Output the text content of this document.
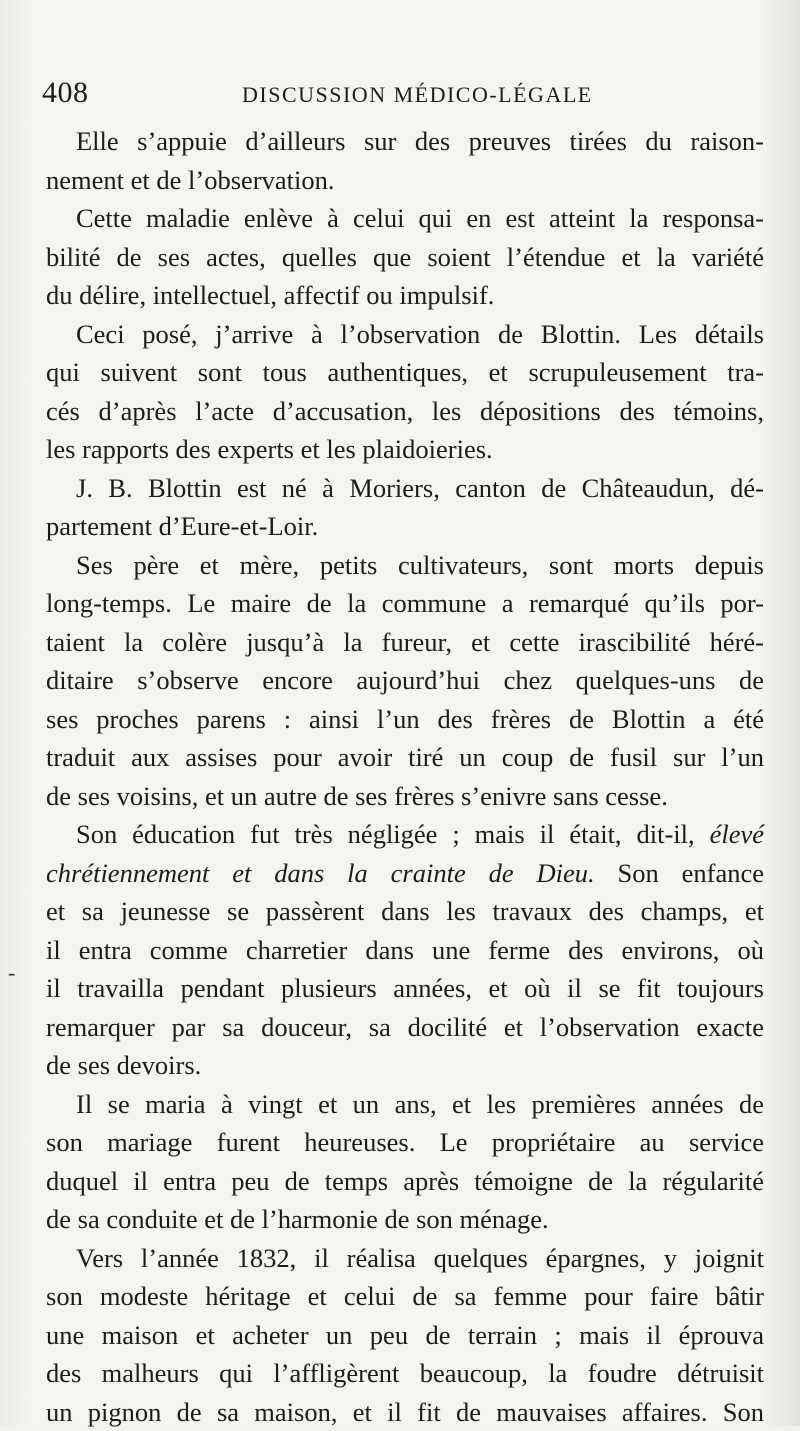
408	DISCUSSION MÉDICO-LÉGALE
Elle s’appuie d’ailleurs sur des preuves tirées du raison-
nement et de l’observation.
Cette maladie enlève à celui qui en est atteint la responsa-
bilité de ses actes, quelles que soient l’étendue et la variété
du délire, intellectuel, affectif ou impulsif.
Ceci posé, j’arrive à l’observation de Blottin. Les détails
qui suivent sont tous authentiques, et scrupuleusement tra-
cés d’après l’acte d’accusation, les dépositions des témoins,
les rapports des experts et les plaidoieries.
J. B. Blottin est né à Moriers, canton de Châteaudun, dé-
partement d’Eure-et-Loir.
Ses père et mère, petits cultivateurs, sont morts depuis
long-temps. Le maire de la commune a remarqué qu’ils por-
taient la colère jusqu’à la fureur, et cette irascibilité héré-
ditaire s’observe encore aujourd’hui chez quelques-uns de
ses proches parens : ainsi l’un des frères de Blottin a été
traduit aux assises pour avoir tiré un coup de fusil sur l’un
de ses voisins, et un autre de ses frères s’enivre sans cesse.
Son éducation fut très négligée ; mais il était, dit-il, élevé
chrétiennement et dans la crainte de Dieu. Son enfance
et sa jeunesse se passèrent dans les travaux des champs, et
il entra comme charretier dans une ferme des environs, où
il travailla pendant plusieurs années, et où il se fit toujours
remarquer par sa douceur, sa docilité et l’observation exacte
de ses devoirs.
Il se maria à vingt et un ans, et les premières années de
son mariage furent heureuses. Le propriétaire au service
duquel il entra peu de temps après témoigne de la régularité
de sa conduite et de l’harmonie de son ménage.
Vers l’année 1832, il réalisa quelques épargnes, y joignit
son modeste héritage et celui de sa femme pour faire bâtir
une maison et acheter un peu de terrain ; mais il éprouva
des malheurs qui l’affligèrent beaucoup, la foudre détruisit
un pignon de sa maison, et il fit de mauvaises affaires. Son
-
